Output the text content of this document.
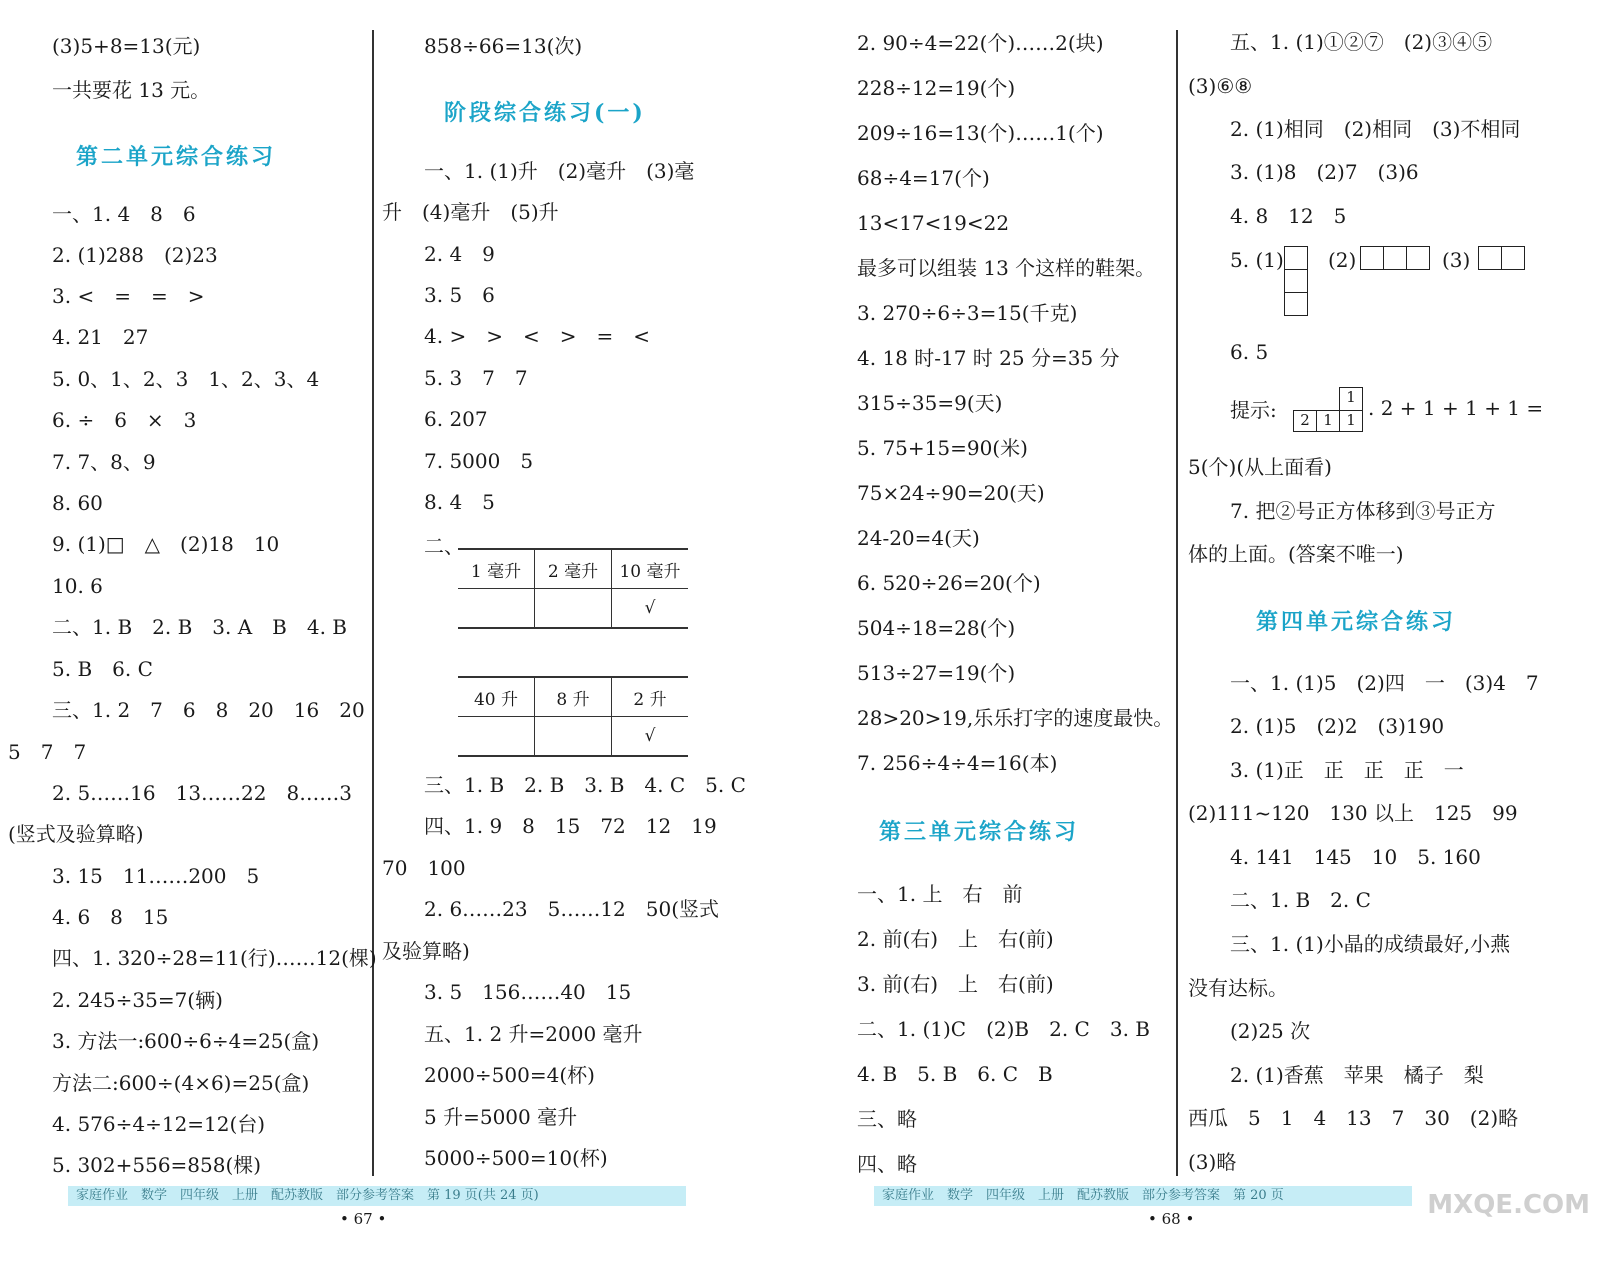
(3)5+8=13(元)
一共要花 13 元。
第二单元综合练习
一、1. 4　8　6
2. (1)288　(2)23
3. <　=　=　>
4. 21　27
5. 0、1、2、3　1、2、3、4
6. ÷　6　×　3
7. 7、8、9
8. 60
9. (1)□　△　(2)18　10
10. 6
二、1. B　2. B　3. A　B　4. B
5. B　6. C
三、1. 2　7　6　8　20　16　20
5　7　7
2. 5……16　13……22　8……3
(竖式及验算略)
3. 15　11……200　5
4. 6　8　15
四、1. 320÷28=11(行)……12(棵)
2. 245÷35=7(辆)
3. 方法一:600÷6÷4=25(盒)
方法二:600÷(4×6)=25(盒)
4. 576÷4÷12=12(台)
5. 302+556=858(棵)
858÷66=13(次)
阶段综合练习(一)
一、1. (1)升　(2)毫升　(3)毫
升　(4)毫升　(5)升
2. 4　9
3. 5　6
4. >　>　<　>　=　<
5. 3　7　7
6. 207
7. 5000　5
8. 4　5
二、
1 毫升	2 毫升	10 毫升
		√
40 升	8 升	2 升
		√
三、1. B　2. B　3. B　4. C　5. C
四、1. 9　8　15　72　12　19
70　100
2. 6……23　5……12　50(竖式
及验算略)
3. 5　156……40　15
五、1. 2 升=2000 毫升
2000÷500=4(杯)
5 升=5000 毫升
5000÷500=10(杯)
2. 90÷4=22(个)……2(块)
228÷12=19(个)
209÷16=13(个)……1(个)
68÷4=17(个)
13<17<19<22
最多可以组装 13 个这样的鞋架。
3. 270÷6÷3=15(千克)
4. 18 时-17 时 25 分=35 分
315÷35=9(天)
5. 75+15=90(米)
75×24÷90=20(天)
24-20=4(天)
6. 520÷26=20(个)
504÷18=28(个)
513÷27=19(个)
28>20>19,乐乐打字的速度最快。
7. 256÷4÷4=16(本)
第三单元综合练习
一、1. 上　右　前
2. 前(右)　上　右(前)
3. 前(右)　上　右(前)
二、1. (1)C　(2)B　2. C　3. B
4. B　5. B　6. C　B
三、略
四、略
五、1. (1)①②⑦　(2)③④⑤
(3)⑥⑧
2. (1)相同　(2)相同　(3)不相同
3. (1)8　(2)7　(3)6
4. 8　12　5
5. (1) (2)	(3)
6. 5
提示:	2 1 1
1 . 2 + 1 + 1 + 1 =
5(个)(从上面看)
7. 把②号正方体移到③号正方
体的上面。(答案不唯一)
第四单元综合练习
一、1. (1)5　(2)四　一　(3)4　7
2. (1)5　(2)2　(3)190
3. (1)正　正　正　正　一
(2)111~120　130 以上　125　99
4. 141　145　10　5. 160
二、1. B　2. C
三、1. (1)小晶的成绩最好,小燕
没有达标。
(2)25 次
2. (1)香蕉　苹果　橘子　梨
西瓜　5　1　4　13　7　30　(2)略
(3)略
家庭作业　数学　四年级　上册　配苏教版　部分参考答案　第 19 页(共 24 页)	家庭作业　数学　四年级　上册　配苏教版　部分参考答案　第 20 页
• 67 •	• 68 •	MXQE.COM
